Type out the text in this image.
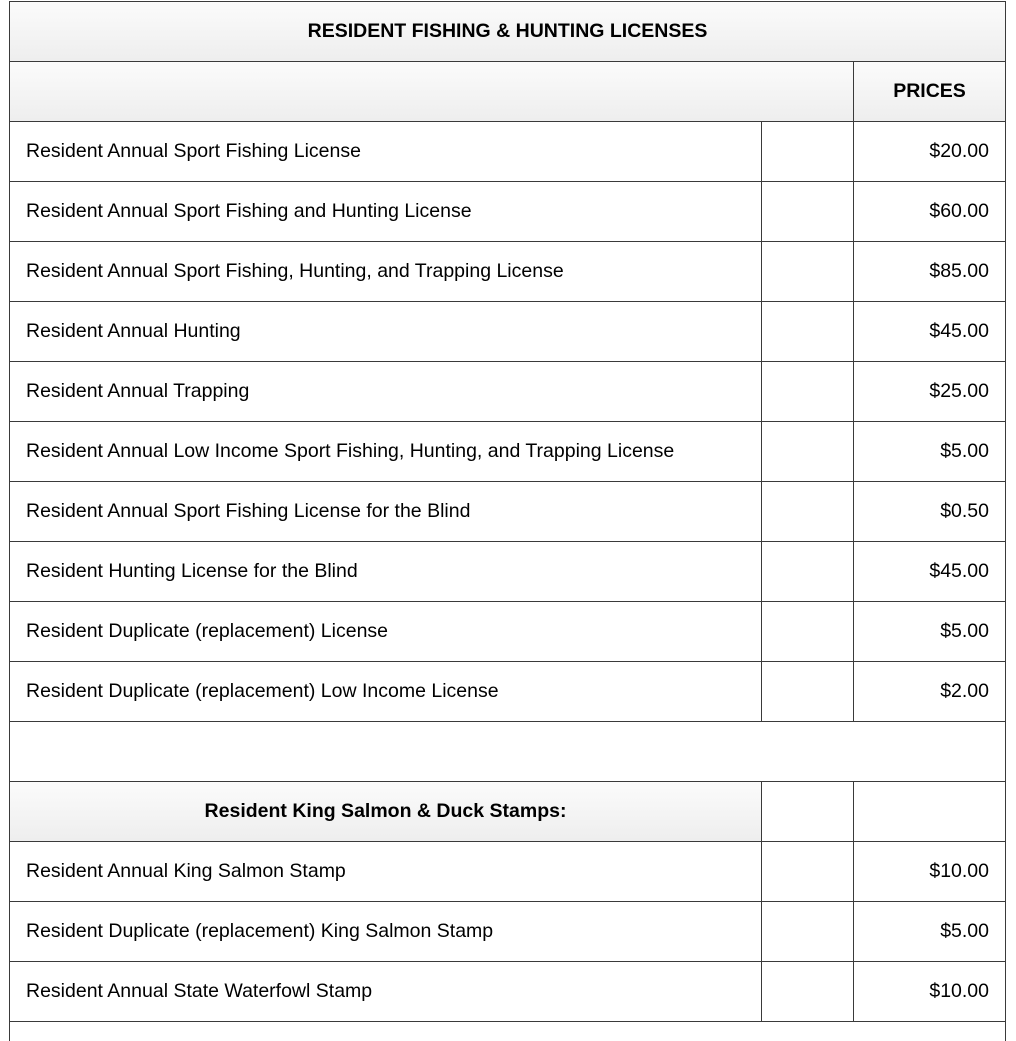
RESIDENT FISHING & HUNTING LICENSES
PRICES
Resident Annual Sport Fishing License	$20.00
Resident Annual Sport Fishing and Hunting License	$60.00
Resident Annual Sport Fishing, Hunting, and Trapping License	$85.00
Resident Annual Hunting	$45.00
Resident Annual Trapping	$25.00
Resident Annual Low Income Sport Fishing, Hunting, and Trapping License	$5.00
Resident Annual Sport Fishing License for the Blind	$0.50
Resident Hunting License for the Blind	$45.00
Resident Duplicate (replacement) License	$5.00
Resident Duplicate (replacement) Low Income License	$2.00
Resident King Salmon & Duck Stamps:
Resident Annual King Salmon Stamp	$10.00
Resident Duplicate (replacement) King Salmon Stamp	$5.00
Resident Annual State Waterfowl Stamp	$10.00
